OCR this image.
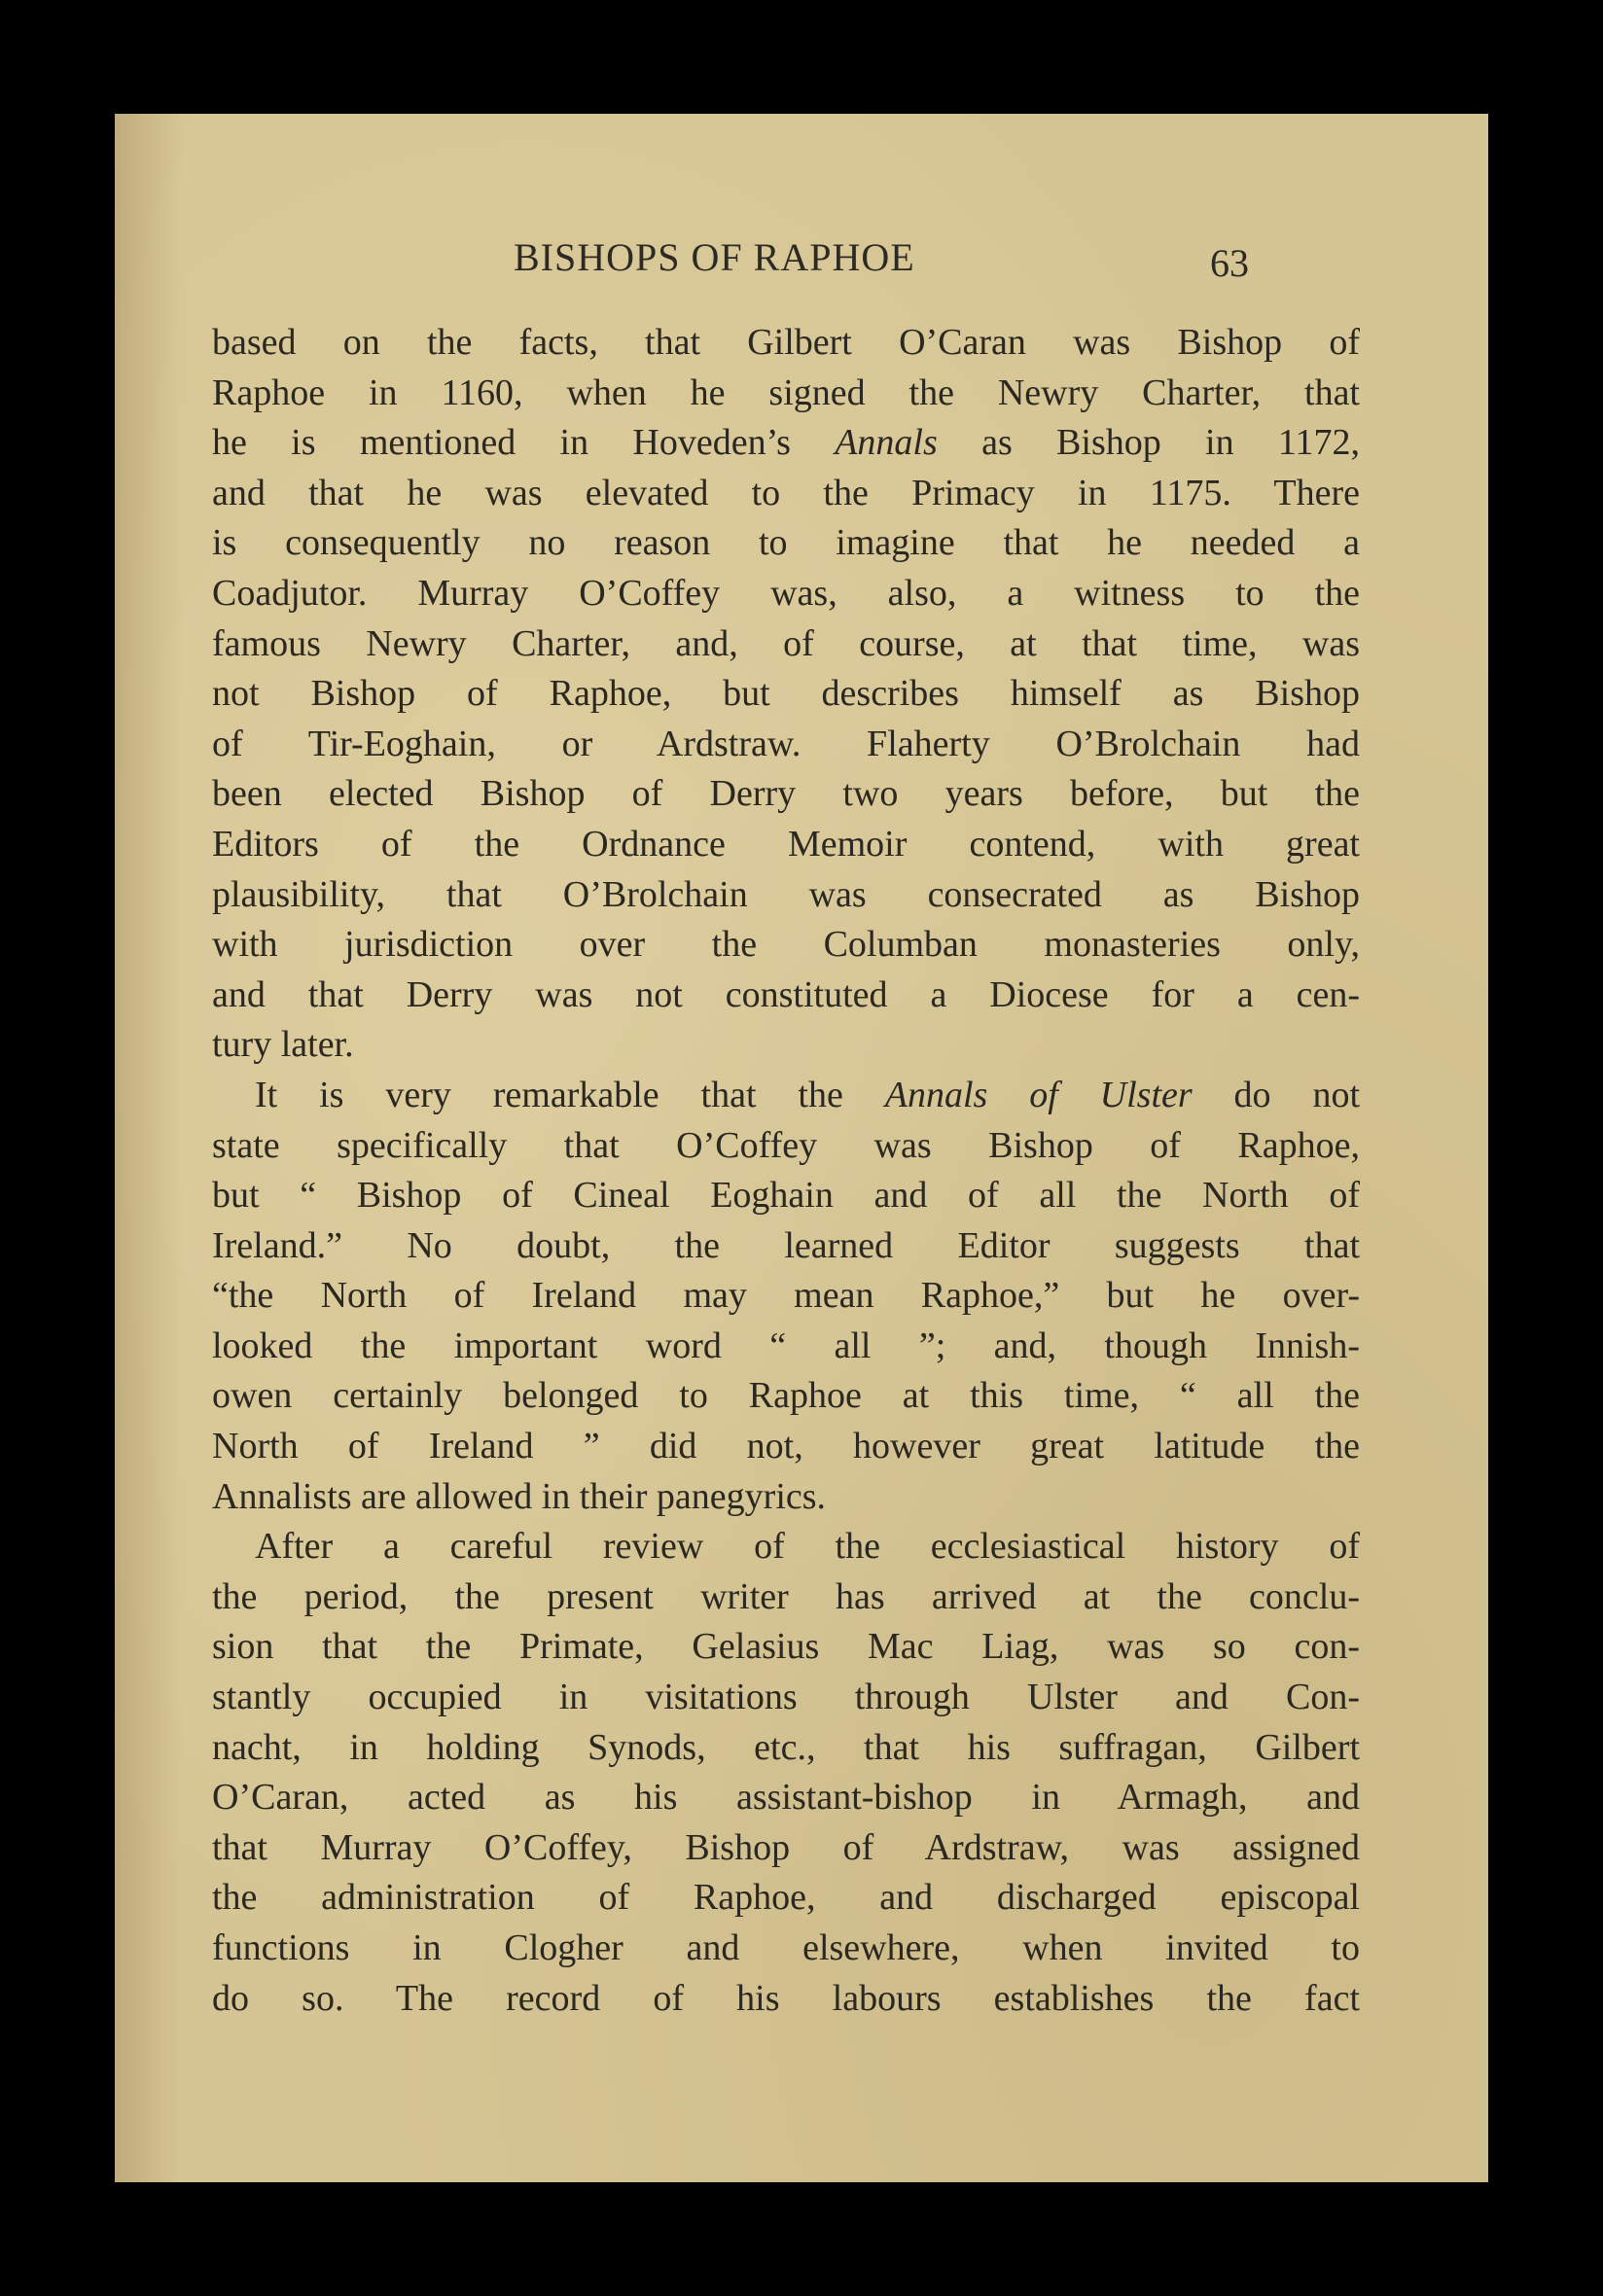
BISHOPS OF RAPHOE	63
based on the facts, that Gilbert O’Caran was Bishop of
Raphoe in 1160, when he signed the Newry Charter, that
he is mentioned in Hoveden’s Annals as Bishop in 1172,
and that he was elevated to the Primacy in 1175. There
is consequently no reason to imagine that he needed a
Coadjutor. Murray O’Coffey was, also, a witness to the
famous Newry Charter, and, of course, at that time, was
not Bishop of Raphoe, but describes himself as Bishop
of Tir-Eoghain, or Ardstraw. Flaherty O’Brolchain had
been elected Bishop of Derry two years before, but the
Editors of the Ordnance Memoir contend, with great
plausibility, that O’Brolchain was consecrated as Bishop
with jurisdiction over the Columban monasteries only,
and that Derry was not constituted a Diocese for a cen-
tury later.
It is very remarkable that the Annals of Ulster do not
state specifically that O’Coffey was Bishop of Raphoe,
but “ Bishop of Cineal Eoghain and of all the North of
Ireland.” No doubt, the learned Editor suggests that
“the North of Ireland may mean Raphoe,” but he over-
looked the important word “ all ”; and, though Innish-
owen certainly belonged to Raphoe at this time, “ all the
North of Ireland ” did not, however great latitude the
Annalists are allowed in their panegyrics.
After a careful review of the ecclesiastical history of
the period, the present writer has arrived at the conclu-
sion that the Primate, Gelasius Mac Liag, was so con-
stantly occupied in visitations through Ulster and Con-
nacht, in holding Synods, etc., that his suffragan, Gilbert
O’Caran, acted as his assistant-bishop in Armagh, and
that Murray O’Coffey, Bishop of Ardstraw, was assigned
the administration of Raphoe, and discharged episcopal
functions in Clogher and elsewhere, when invited to
do so. The record of his labours establishes the fact
